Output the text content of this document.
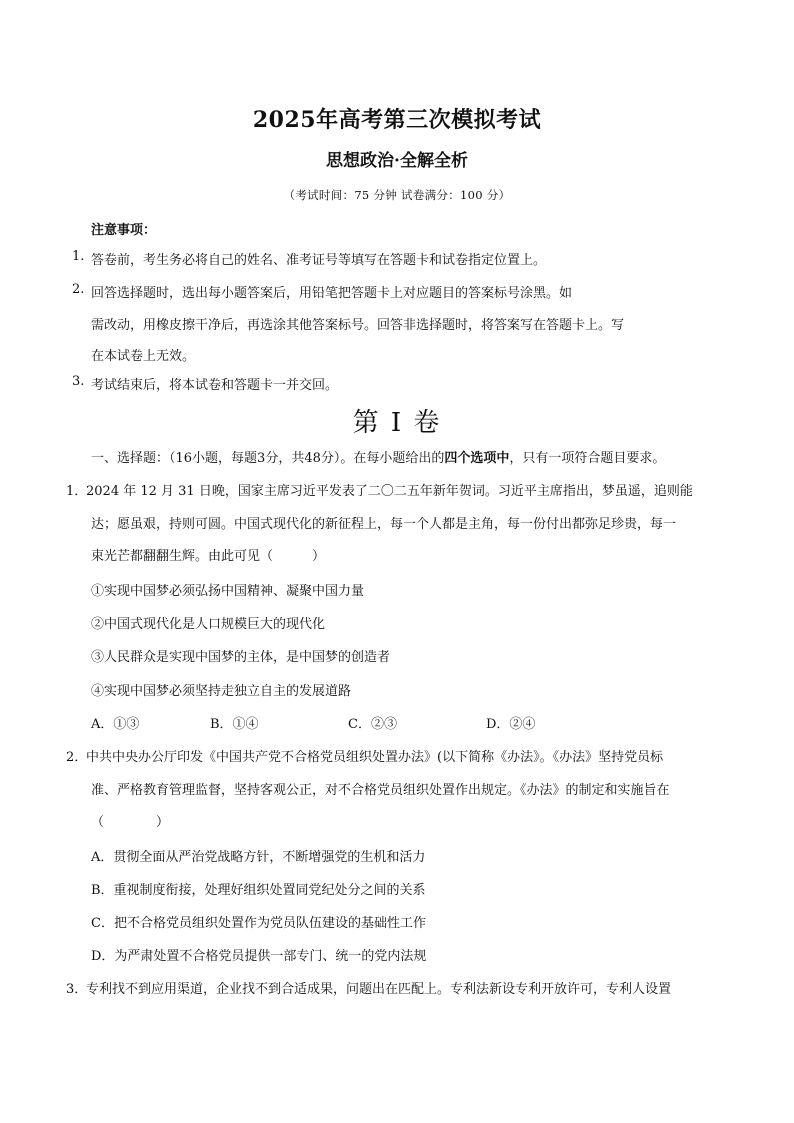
2025年高考第三次模拟考试
思想政治·全解全析
（考试时间：75 分钟 试卷满分：100 分）
注意事项：
1. 答卷前，考生务必将自己的姓名、准考证号等填写在答题卡和试卷指定位置上。
2. 回答选择题时，选出每小题答案后，用铅笔把答题卡上对应题目的答案标号涂黑。如
需改动，用橡皮擦干净后，再选涂其他答案标号。回答非选择题时，将答案写在答题卡上。写
在本试卷上无效。
3. 考试结束后，将本试卷和答题卡一并交回。
第 I 卷
一、选择题：（16小题，每题3分，共48分）。在每小题给出的四个选项中，只有一项符合题目要求。
1．
2024 年 12 月 31 日晚，国家主席习近平发表了二〇二五年新年贺词。习近平主席指出，梦虽遥，追则能
达；愿虽艰，持则可圆。中国式现代化的新征程上，每一个人都是主角，每一份付出都弥足珍贵，每一
束光芒都翻翻生辉。由此可见（　　　）
①实现中国梦必须弘扬中国精神、凝聚中国力量
②中国式现代化是人口规模巨大的现代化
③人民群众是实现中国梦的主体，是中国梦的创造者
④实现中国梦必须坚持走独立自主的发展道路
A．①③	B．①④	C．②③	D．②④
2．
中共中央办公厅印发《中国共产党不合格党员组织处置办法》(以下简称《办法》。《办法》坚持党员标
准、严格教育管理监督，坚持客观公正，对不合格党员组织处置作出规定。《办法》的制定和实施旨在
（　　　　）
A．贯彻全面从严治党战略方针，不断增强党的生机和活力
B．重视制度衔接，处理好组织处置同党纪处分之间的关系
C．把不合格党员组织处置作为党员队伍建设的基础性工作
D．为严肃处置不合格党员提供一部专门、统一的党内法规
3．
专利找不到应用渠道，企业找不到合适成果，问题出在匹配上。专利法新设专利开放许可，专利人设置
